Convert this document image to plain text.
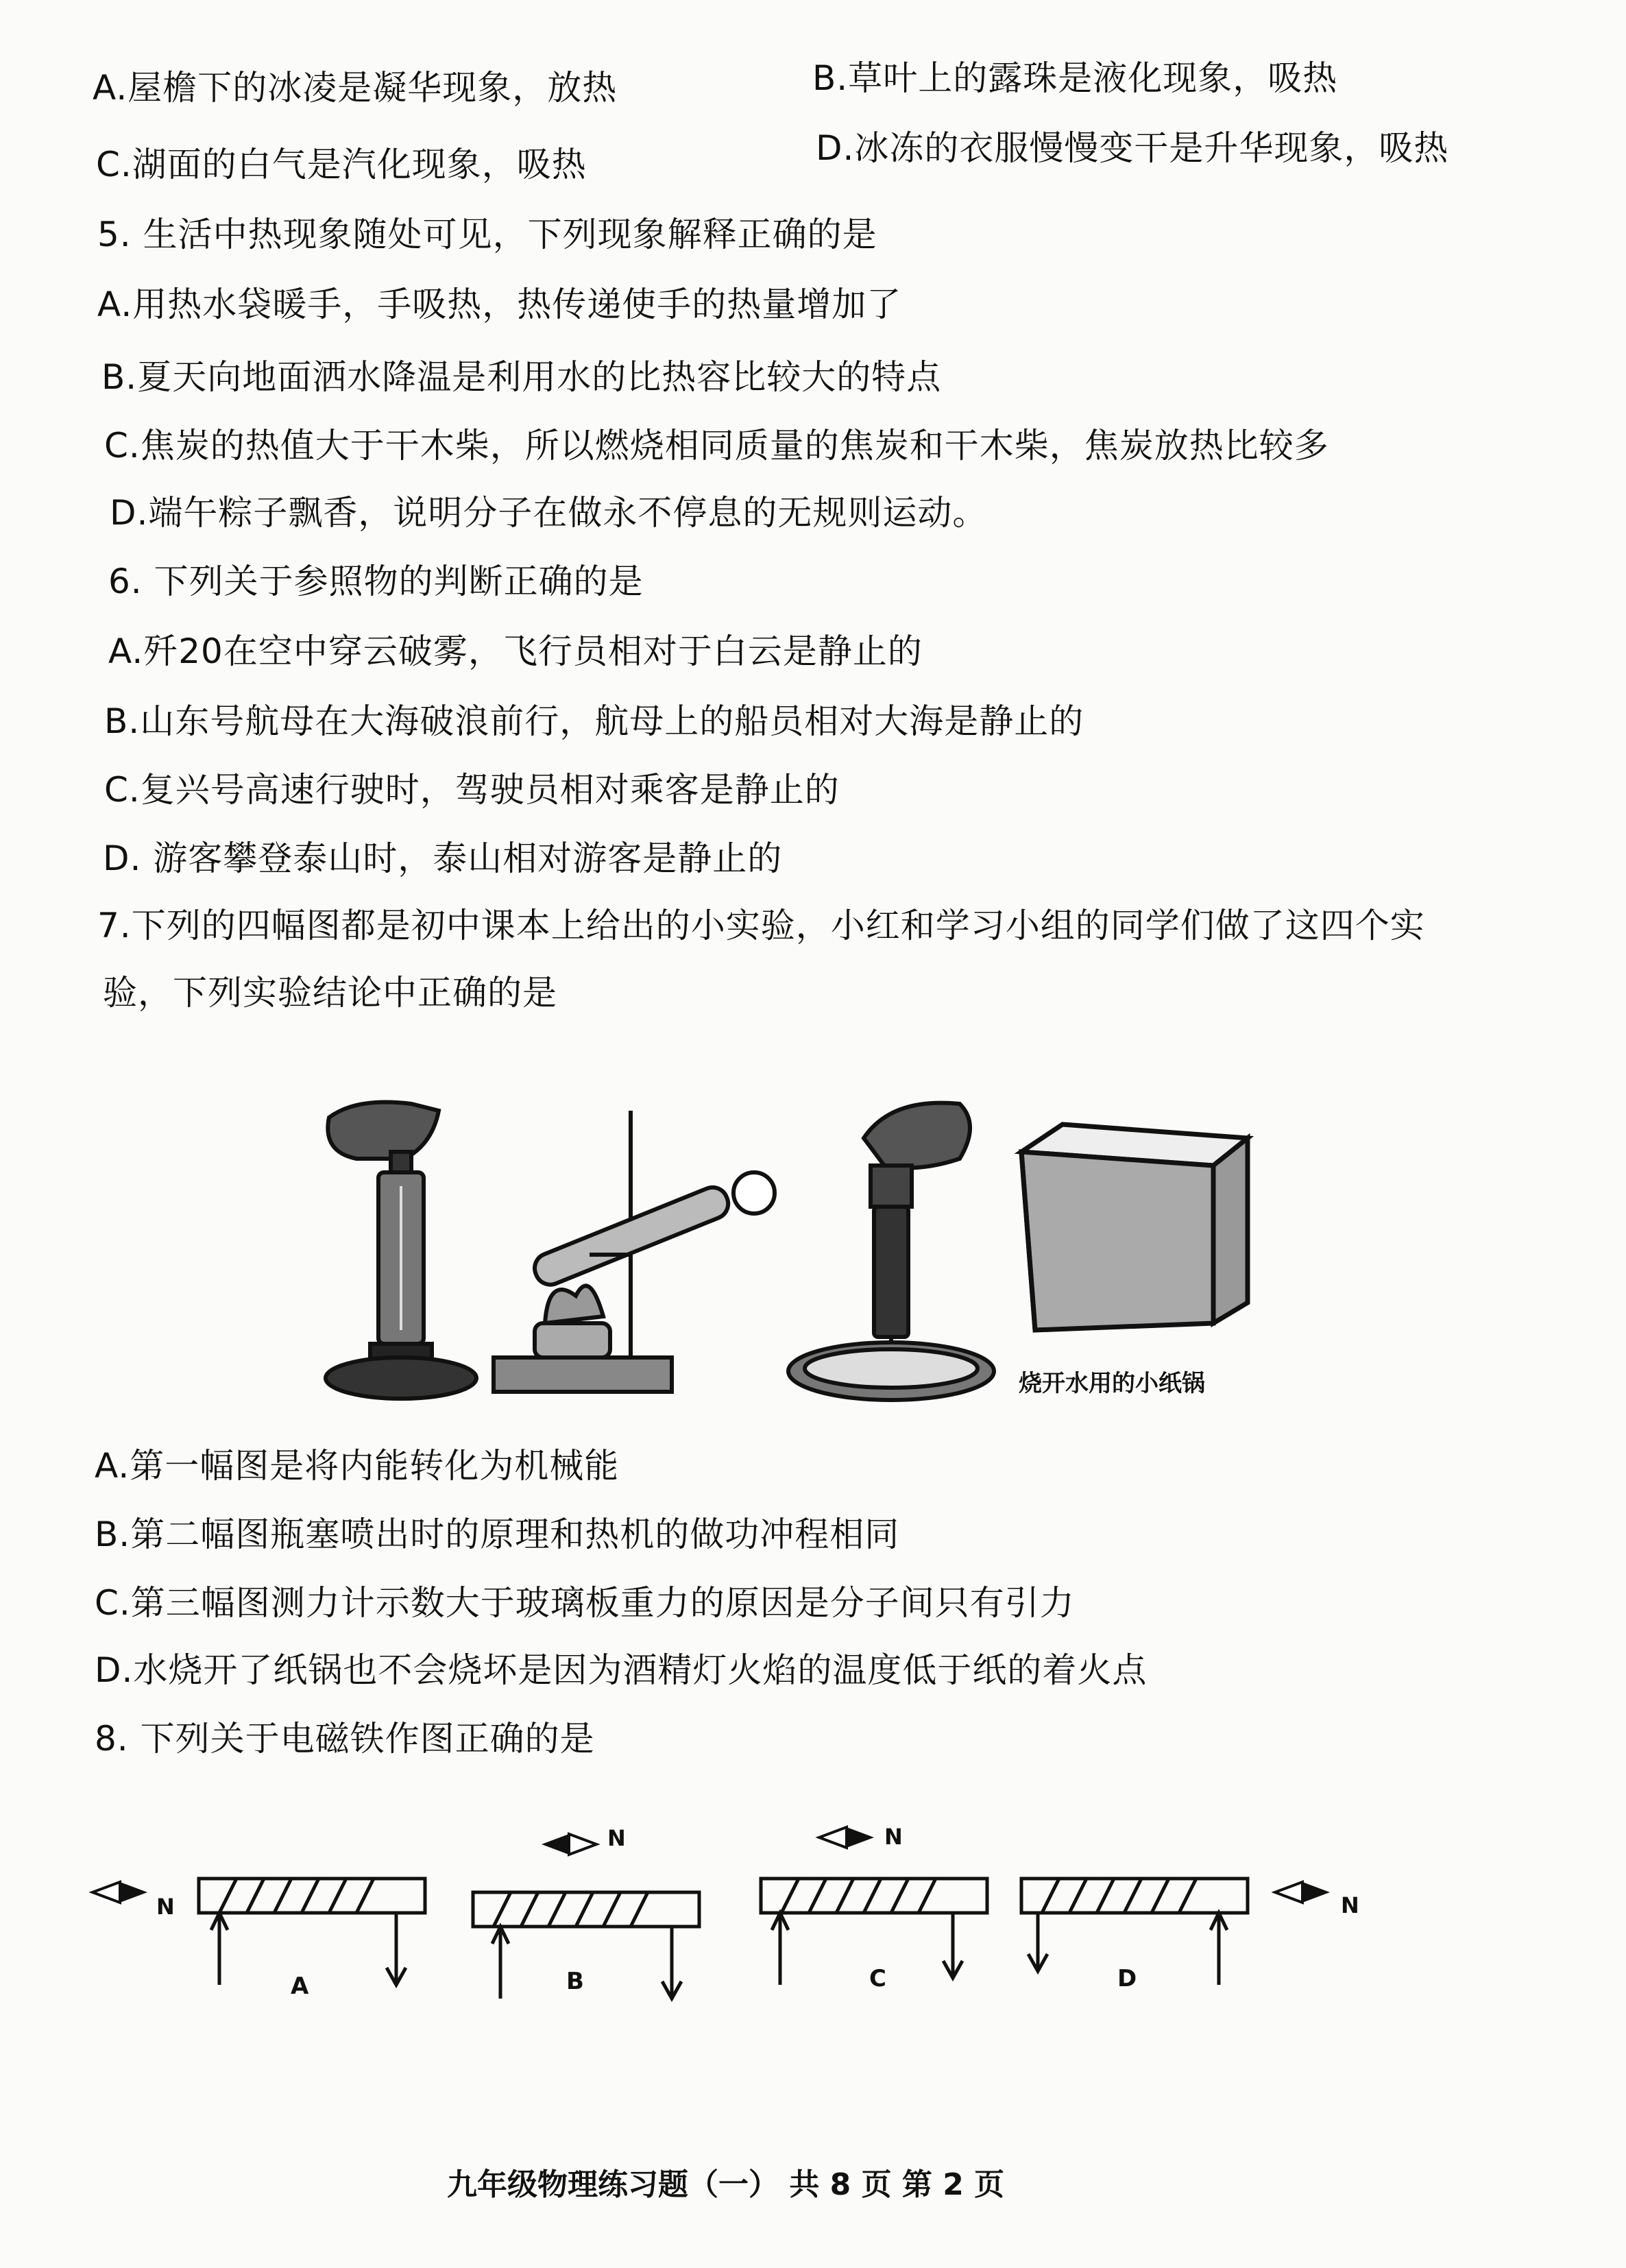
A.屋檐下的冰凌是凝华现象，放热	B.草叶上的露珠是液化现象，吸热
C.湖面的白气是汽化现象，吸热	D.冰冻的衣服慢慢变干是升华现象，吸热
5. 生活中热现象随处可见，下列现象解释正确的是
A.用热水袋暖手，手吸热，热传递使手的热量增加了
B.夏天向地面洒水降温是利用水的比热容比较大的特点
C.焦炭的热值大于干木柴，所以燃烧相同质量的焦炭和干木柴，焦炭放热比较多
D.端午粽子飘香，说明分子在做永不停息的无规则运动。
6. 下列关于参照物的判断正确的是
A.歼20在空中穿云破雾，飞行员相对于白云是静止的
B.山东号航母在大海破浪前行，航母上的船员相对大海是静止的
C.复兴号高速行驶时，驾驶员相对乘客是静止的
D. 游客攀登泰山时，泰山相对游客是静止的
7.下列的四幅图都是初中课本上给出的小实验，小红和学习小组的同学们做了这四个实
验，下列实验结论中正确的是
烧开水用的小纸锅
A.第一幅图是将内能转化为机械能
B.第二幅图瓶塞喷出时的原理和热机的做功冲程相同
C.第三幅图测力计示数大于玻璃板重力的原因是分子间只有引力
D.水烧开了纸锅也不会烧坏是因为酒精灯火焰的温度低于纸的着火点
8. 下列关于电磁铁作图正确的是
N
A
N
B
N
C
N
D
九年级物理练习题（一） 共 8 页 第 2 页
